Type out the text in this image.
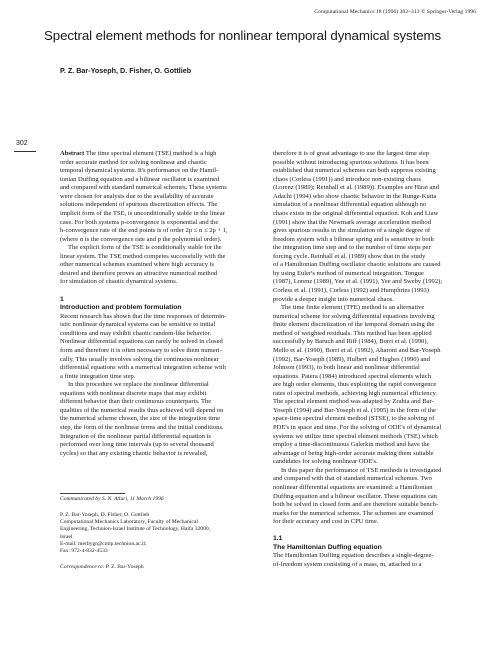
Computational Mechanics 18 (1996) 302–313 © Springer-Verlag 1996
Spectral element methods for nonlinear temporal dynamical systems
P. Z. Bar-Yoseph, D. Fisher, O. Gottlieb
302
Abstract The time spectral element (TSE) method is a high
order accurate method for solving nonlinear and chaotic
temporal dynamical systems. It's performance on the Hamil-
tonian Duffing equation and a bilinear oscillator is examined
and compared with standard numerical schemes. These systems
were chosen for analysis due to the availability of accurate
solutions independent of spurious discretization effects. The
implicit form of the TSE, is unconditionally stable in the linear
case. For both systems p-convergence is exponential and the
h-convergence rate of the end points is of order 2p ≤ α ≤ 2p + 1,
(where α is the convergence rate and p the polynomial order).
The explicit form of the TSE is conditionally stable for the
linear system. The TSE method competes successfully with the
other numerical schemes examined where high accuracy is
desired and therefore proves an attractive numerical method
for simulation of chaotic dynamical systems.
1
Introduction and problem formulation
Recent research has shown that the time responses of determin-
istic nonlinear dynamical systems can be sensitive to initial
conditions and may exhibit chaotic random-like behavior.
Nonlinear differential equations can rarely be solved in closed
form and therefore it is often necessary to solve them numeri-
cally. This usually involves solving the continuous nonlinear
differential equations with a numerical integration scheme with
a finite integration time step.
In this procedure we replace the nonlinear differential
equations with nonlinear discrete maps that may exhibit
different behavior than their continuous counterparts. The
qualities of the numerical results thus achieved will depend on
the numerical scheme chosen, the size of the integration time
step, the form of the nonlinear terms and the initial conditions.
Integration of the nonlinear partial differential equation is
performed over long time intervals (up to several thousand
cycles) so that any existing chaotic behavior is revealed,
therefore it is of great advantage to use the largest time step
possible without introducing spurious solutions. It has been
established that numerical schemes can both suppress existing
chaos (Corless (1991)) and introduce non-existing chaos
(Lorenz (1989); Reinhall et al. (1989)). Examples are Hirai and
Adachi (1994) who show chaotic behavior in the Runge-Kutta
simulation of a nonlinear differential equation although no
chaos exists in the original differential equation. Koh and Liaw
(1991) show that the Newmark average acceleration method
gives spurious results in the simulation of a single degree of
freedom system with a bilinear spring and is sensitive to both
the integration time step and to the number of time steps per
forcing cycle. Reinhall et al. (1989) show that in the study
of a Hamiltonian Duffing oscillator chaotic solutions are caused
by using Euler's method of numerical integration. Tongue
(1987), Lorenz (1989), Yee et al. (1991), Yee and Sweby (1992);
Corless et al. (1991), Corless (1992) and Humphries (1993)
provide a deeper insight into numerical chaos.
The time finite element (TFE) method is an alternative
numerical scheme for solving differential equations involving
finite element discretization of the temporal domain using the
method of weighted residuals. This method has been applied
successfully by Baruch and Riff (1984), Borri et al. (1990),
Mello et al. (1990), Borri et al. (1992), Aharoni and Bar-Yoseph
(1992), Bar-Yoseph (1989), Hulbert and Hughes (1990) and
Johnson (1993), to both linear and nonlinear differential
equations. Patera (1984) introduced spectral elements which
are high order elements, thus exploiting the rapid convergence
rates of spectral methods, achieving high numerical efficiency.
The spectral element method was adapted by Zrahia and Bar-
Yoseph (1994) and Bar-Yoseph et al. (1995) in the form of the
space-time spectral element method (STSE), to the solving of
PDE's in space and time. For the solving of ODE's of dynamical
systems we utilize time spectral element methods (TSE) which
employ a time-discontinuous Galerkin method and have the
advantage of being high-order accurate making them suitable
candidates for solving nonlinear ODE's.
In this paper the performance of TSE methods is investigated
and compared with that of standard numerical schemes. Two
nonlinear differential equations are examined: a Hamiltonian
Duffing equation and a bilinear oscillator. These equations can
both be solved in closed form and are therefore suitable bench-
marks for the numerical schemes. The schemes are examined
for their accuracy and cost in CPU time.
1.1
The Hamiltonian Duffing equation
The Hamiltonian Duffing equation describes a single-degree-
of-freedom system consisting of a mass, m, attached to a
Communicated by S. N. Atluri, 11 March 1996
P. Z. Bar-Yoseph, D. Fisher, O. Gottlieb
Computational Mechanics Laboratory, Faculty of Mechanical
Engineering, Technion-Israel Institute of Technology, Haifa 32000,
Israel
E-mail: merbygr@cmlp.technion.ac.il;
Fax: 972-4-832-4533
Correspondence to: P. Z. Bar-Yoseph
